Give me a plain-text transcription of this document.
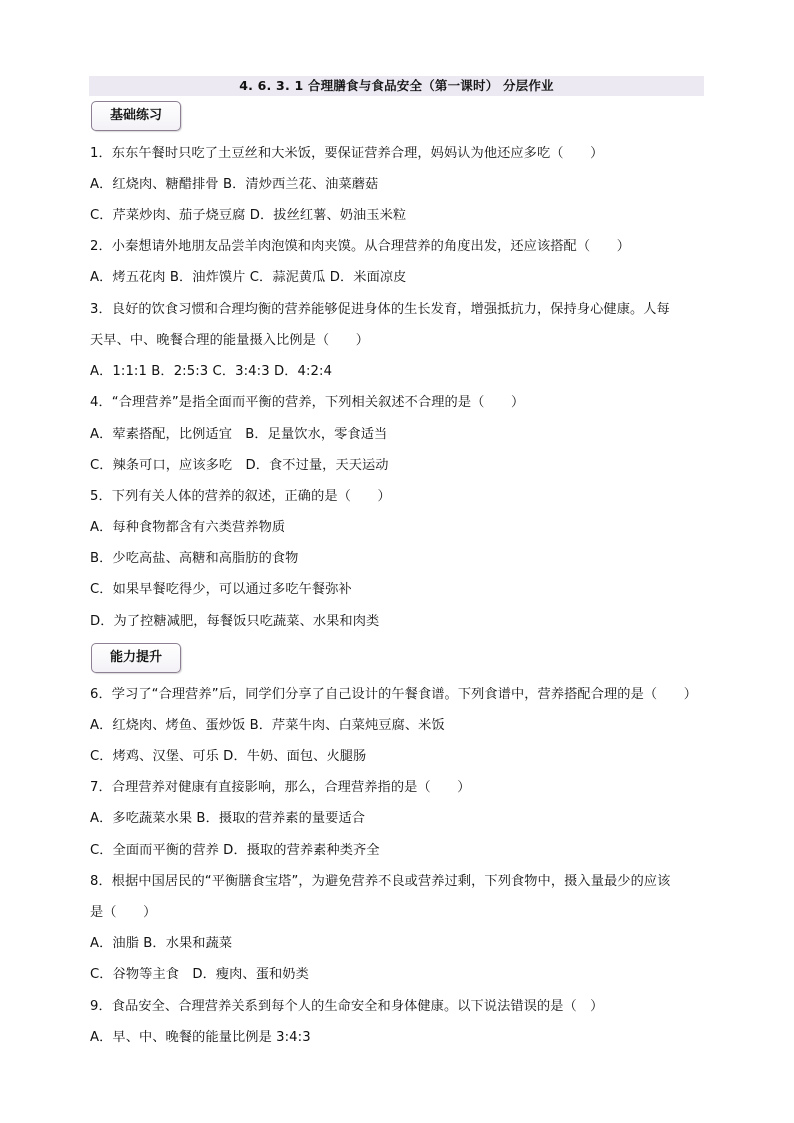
4. 6. 3. 1 合理膳食与食品安全（第一课时） 分层作业
基础练习
1．东东午餐时只吃了土豆丝和大米饭，要保证营养合理，妈妈认为他还应多吃（　　）
A．红烧肉、糖醋排骨 B．清炒西兰花、油菜蘑菇
C．芹菜炒肉、茄子烧豆腐 D．拔丝红薯、奶油玉米粒
2．小秦想请外地朋友品尝羊肉泡馍和肉夹馍。从合理营养的角度出发，还应该搭配（　　）
A．烤五花肉 B．油炸馍片 C．蒜泥黄瓜 D．米面凉皮
3．良好的饮食习惯和合理均衡的营养能够促进身体的生长发育，增强抵抗力，保持身心健康。人每
天早、中、晚餐合理的能量摄入比例是（　　）
A．1:1:1 B．2:5:3 C．3:4:3 D．4:2:4
4．“合理营养”是指全面而平衡的营养，下列相关叙述不合理的是（　　）
A．荤素搭配，比例适宜　B．足量饮水，零食适当
C．辣条可口，应该多吃　D．食不过量，天天运动
5．下列有关人体的营养的叙述，正确的是（　　）
A．每种食物都含有六类营养物质
B．少吃高盐、高糖和高脂肪的食物
C．如果早餐吃得少，可以通过多吃午餐弥补
D．为了控糖减肥，每餐饭只吃蔬菜、水果和肉类
能力提升
6．学习了“合理营养”后，同学们分享了自己设计的午餐食谱。下列食谱中，营养搭配合理的是（　　）
A．红烧肉、烤鱼、蛋炒饭 B．芹菜牛肉、白菜炖豆腐、米饭
C．烤鸡、汉堡、可乐 D．牛奶、面包、火腿肠
7．合理营养对健康有直接影响，那么，合理营养指的是（　　）
A．多吃蔬菜水果 B．摄取的营养素的量要适合
C．全面而平衡的营养 D．摄取的营养素种类齐全
8．根据中国居民的“平衡膳食宝塔”，为避免营养不良或营养过剩，下列食物中，摄入量最少的应该
是（　　）
A．油脂 B．水果和蔬菜
C．谷物等主食　D．瘦肉、蛋和奶类
9．食品安全、合理营养关系到每个人的生命安全和身体健康。以下说法错误的是（　）
A．早、中、晚餐的能量比例是 3:4:3
